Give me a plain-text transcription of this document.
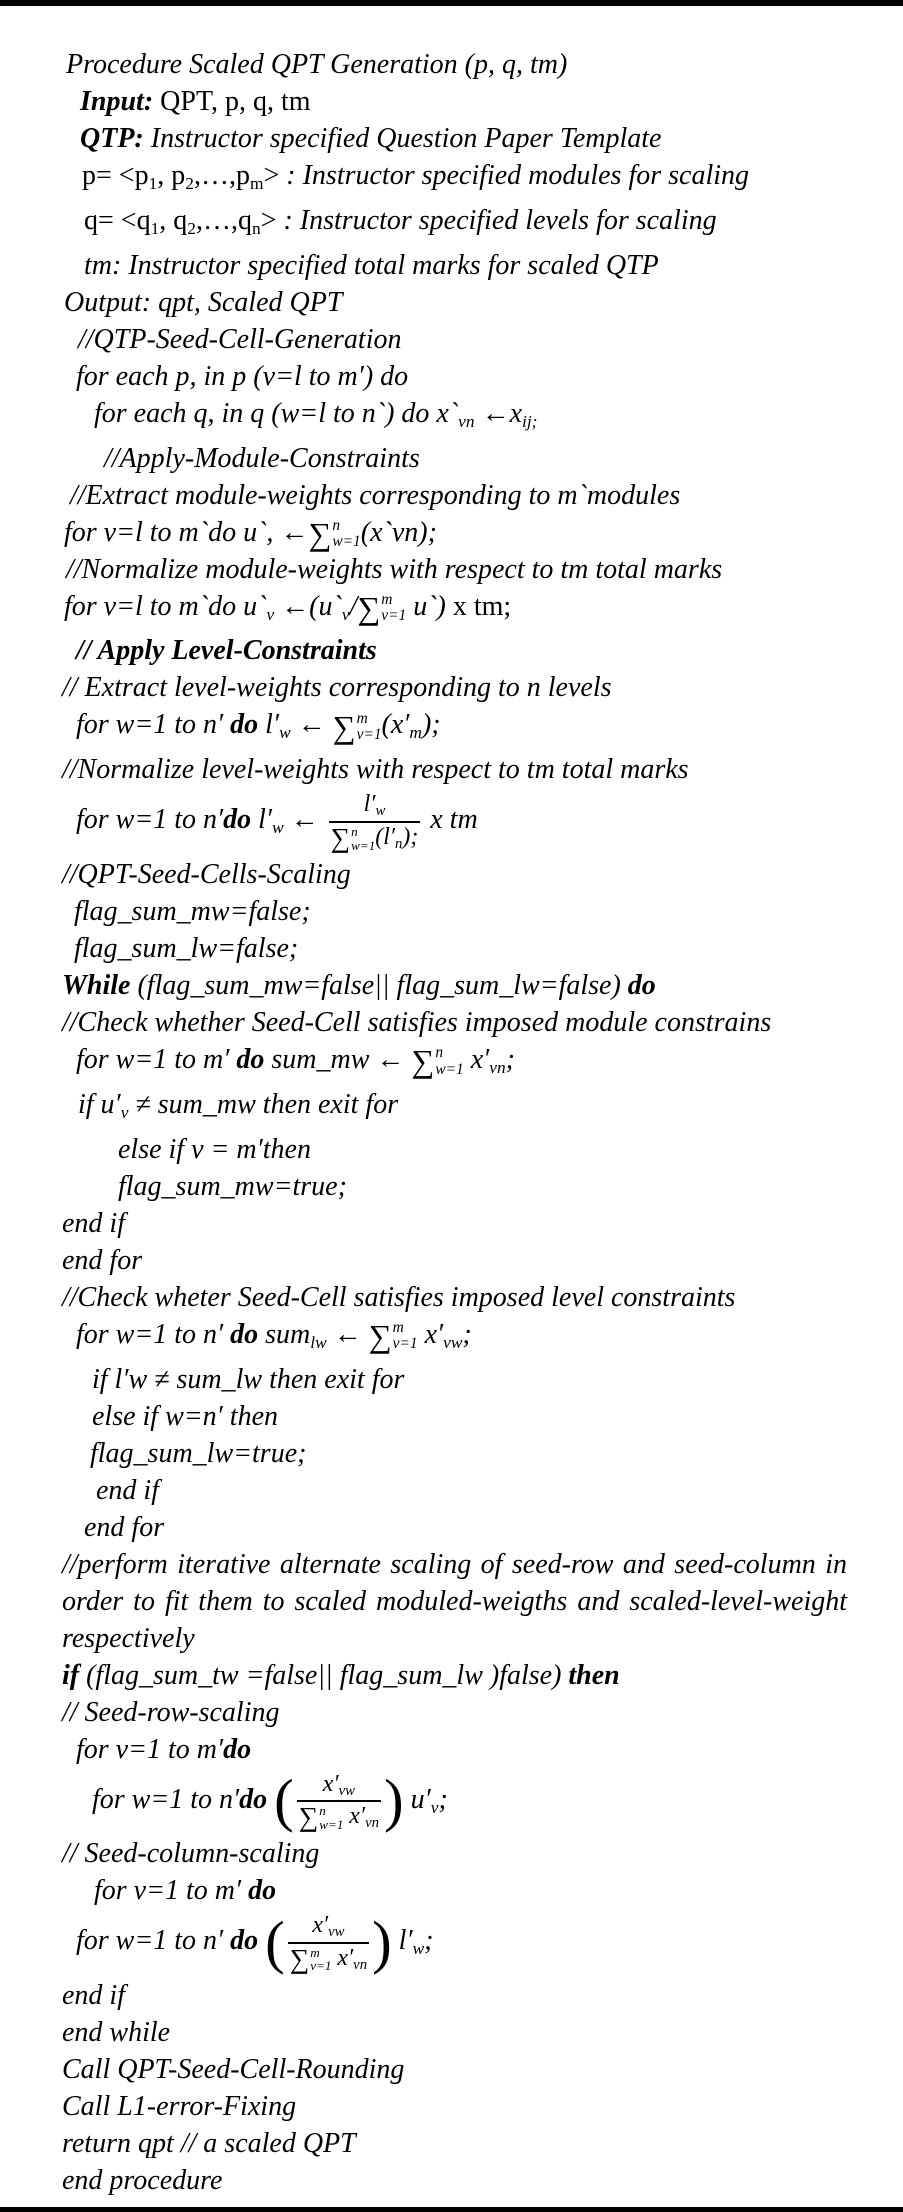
Procedure Scaled QPT Generation (p, q, tm)
Input: QPT, p, q, tm
QTP: Instructor specified Question Paper Template
$p= <p_1$, $p_2,\dots,p_m>$ : Instructor specified modules for scaling
$q= <q_1$, $q_2,\dots,q_n>$ : Instructor specified levels for scaling
tm: Instructor specified total marks for scaled QTP
Output: qpt, Scaled QPT
//QTP-Seed-Cell-Generation
for each p, in p (v=l to m′) do
for each q, in q (w=l to n`) do $x`_{vn}$ $\leftarrow x_{ij;}$
//Apply-Module-Constraints
//Extract module-weights corresponding to m`modules
for v=l to m`do u`, ← ∑ n
w=1 (x`vn);
//Normalize module-weights with respect to tm total marks
for v=l to m`do $u`_v$ $\leftarrow(u`_v/$ ∑ m
v=1 u`) x tm;
// Apply Level-Constraints
// Extract level-weights corresponding to n levels
for w=1 to n′ do $l'_w$ ← ∑ m
v=1 $(x'_m)$;
//Normalize level-weights with respect to tm total marks
for w=1 to n′do $l'_w$ ← $l'_w$
∑ n
w=1 $(l'_n)$; x tm
//QPT-Seed-Cells-Scaling
flag_sum_mw=false;
flag_sum_lw=false;
While (flag_sum_mw=false|| flag_sum_lw=false) do
//Check whether Seed-Cell satisfies imposed module constrains
for w=1 to m′ do sum_mw ← ∑ n
w=1 $x'_{vn}$;
if $u'_v$ ≠ sum_mw then exit for
else if v = m′then
flag_sum_mw=true;
end if
end for
//Check wheter Seed-Cell satisfies imposed level constraints
for w=1 to n′ do sum$_{lw}$ ← ∑ m
v=1 $x'_{vw}$;
if l′w ≠ sum_lw then exit for
else if w=n′ then
flag_sum_lw=true;
end if
end for
//perform iterative alternate scaling of seed-row and seed-column in order to fit them to scaled moduled-weigths and scaled-level-weight respectively
if (flag_sum_tw =false|| flag_sum_lw )false) then
// Seed-row-scaling
for v=1 to m′do
for w=1 to n′do ( $x'_{vw}$
∑ n
w=1 $x'_{vn}$ ) $u'_v$;
// Seed-column-scaling
for v=1 to m′ do
for w=1 to n′ do ( $x'_{vw}$
∑ m
v=1 $x'_{vn}$ ) $l'_w$;
end if
end while
Call QPT-Seed-Cell-Rounding
Call L1-error-Fixing
return qpt // a scaled QPT
end procedure
